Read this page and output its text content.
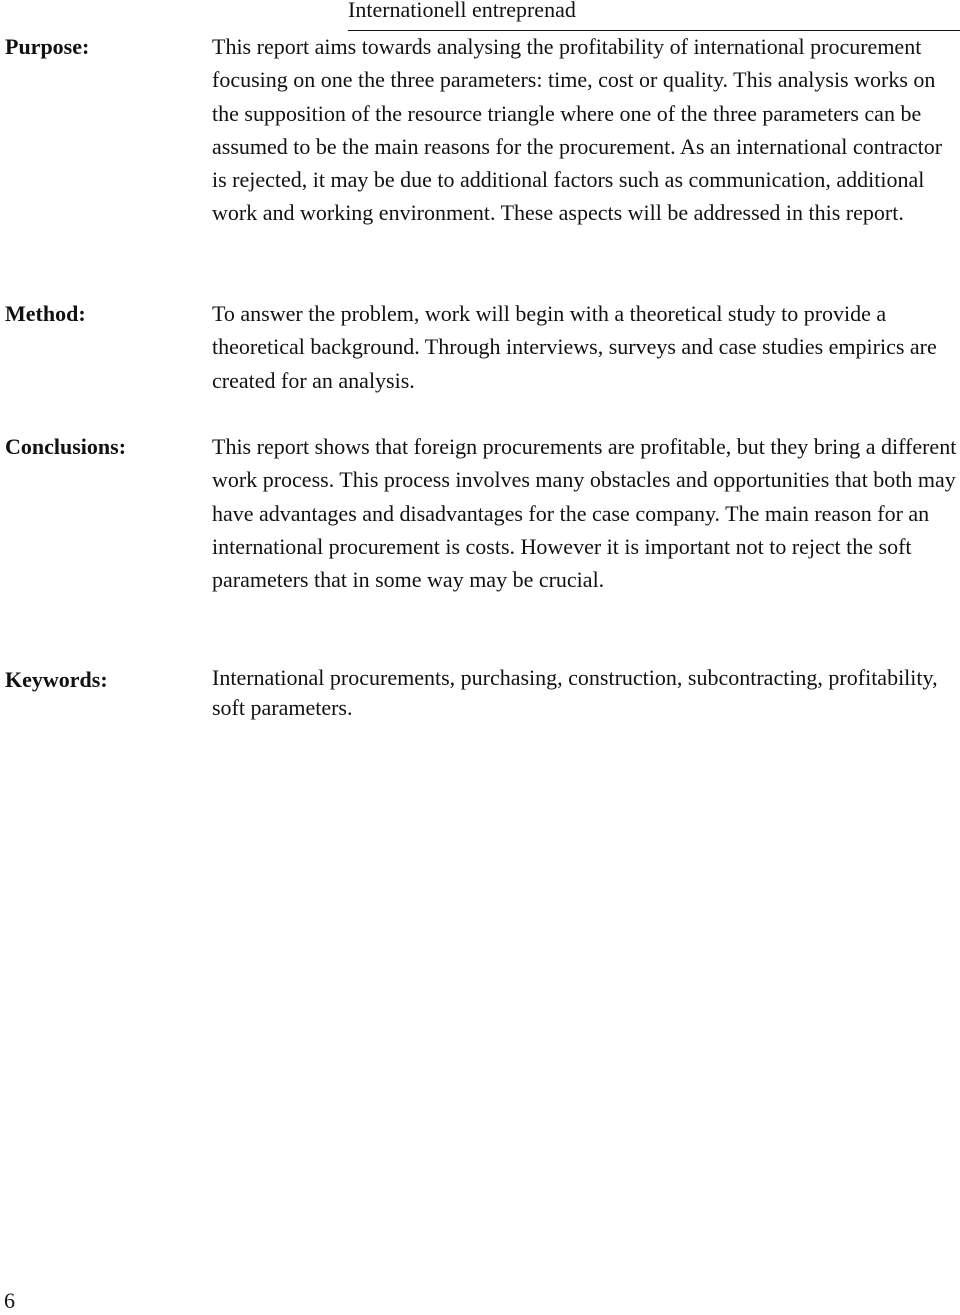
Internationell entreprenad
Purpose:	This report aims towards analysing the profitability of international procurement focusing on one the three parameters: time, cost or quality. This analysis works on the supposition of the resource triangle where one of the three parameters can be assumed to be the main reasons for the procurement. As an international contractor is rejected, it may be due to additional factors such as communication, additional work and working environment. These aspects will be addressed in this report.

Method:	To answer the problem, work will begin with a theoretical study to provide a theoretical background. Through interviews, surveys and case studies empirics are created for an analysis.

Conclusions:	This report shows that foreign procurements are profitable, but they bring a different work process. This process involves many obstacles and opportunities that both may have advantages and disadvantages for the case company. The main reason for an international procurement is costs. However it is important not to reject the soft parameters that in some way may be crucial.

Keywords:	International procurements, purchasing, construction, subcontracting, profitability, soft parameters.

6
